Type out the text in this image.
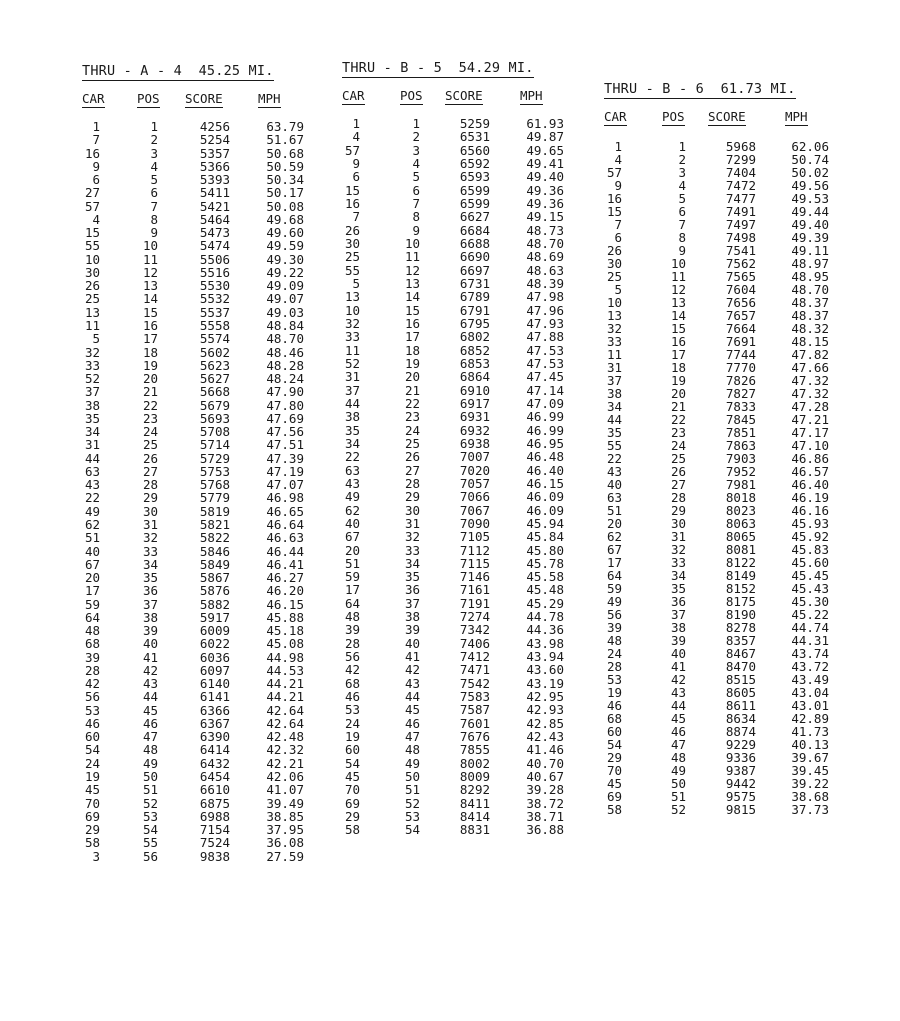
THRU - A - 4  45.25 MI.
CAR	POS SCORE	MPH
1	1	4256	63.79
7	2	5254	51.67
16	3	5357	50.68
9	4	5366	50.59
6	5	5393	50.34
27	6	5411	50.17
57	7	5421	50.08
4	8	5464	49.68
15	9	5473	49.60
55	10	5474	49.59
10	11	5506	49.30
30	12	5516	49.22
26	13	5530	49.09
25	14	5532	49.07
13	15	5537	49.03
11	16	5558	48.84
5	17	5574	48.70
32	18	5602	48.46
33	19	5623	48.28
52	20	5627	48.24
37	21	5668	47.90
38	22	5679	47.80
35	23	5693	47.69
34	24	5708	47.56
31	25	5714	47.51
44	26	5729	47.39
63	27	5753	47.19
43	28	5768	47.07
22	29	5779	46.98
49	30	5819	46.65
62	31	5821	46.64
51	32	5822	46.63
40	33	5846	46.44
67	34	5849	46.41
20	35	5867	46.27
17	36	5876	46.20
59	37	5882	46.15
64	38	5917	45.88
48	39	6009	45.18
68	40	6022	45.08
39	41	6036	44.98
28	42	6097	44.53
42	43	6140	44.21
56	44	6141	44.21
53	45	6366	42.64
46	46	6367	42.64
60	47	6390	42.48
54	48	6414	42.32
24	49	6432	42.21
19	50	6454	42.06
45	51	6610	41.07
70	52	6875	39.49
69	53	6988	38.85
29	54	7154	37.95
58	55	7524	36.08
3	56	9838	27.59
THRU - B - 5  54.29 MI.
CAR	POS SCORE	MPH
1	1	5259	61.93
4	2	6531	49.87
57	3	6560	49.65
9	4	6592	49.41
6	5	6593	49.40
15	6	6599	49.36
16	7	6599	49.36
7	8	6627	49.15
26	9	6684	48.73
30	10	6688	48.70
25	11	6690	48.69
55	12	6697	48.63
5	13	6731	48.39
13	14	6789	47.98
10	15	6791	47.96
32	16	6795	47.93
33	17	6802	47.88
11	18	6852	47.53
52	19	6853	47.53
31	20	6864	47.45
37	21	6910	47.14
44	22	6917	47.09
38	23	6931	46.99
35	24	6932	46.99
34	25	6938	46.95
22	26	7007	46.48
63	27	7020	46.40
43	28	7057	46.15
49	29	7066	46.09
62	30	7067	46.09
40	31	7090	45.94
67	32	7105	45.84
20	33	7112	45.80
51	34	7115	45.78
59	35	7146	45.58
17	36	7161	45.48
64	37	7191	45.29
48	38	7274	44.78
39	39	7342	44.36
28	40	7406	43.98
56	41	7412	43.94
42	42	7471	43.60
68	43	7542	43.19
46	44	7583	42.95
53	45	7587	42.93
24	46	7601	42.85
19	47	7676	42.43
60	48	7855	41.46
54	49	8002	40.70
45	50	8009	40.67
70	51	8292	39.28
69	52	8411	38.72
29	53	8414	38.71
58	54	8831	36.88
THRU - B - 6  61.73 MI.
CAR	POS SCORE	MPH
1	1	5968	62.06
4	2	7299	50.74
57	3	7404	50.02
9	4	7472	49.56
16	5	7477	49.53
15	6	7491	49.44
7	7	7497	49.40
6	8	7498	49.39
26	9	7541	49.11
30	10	7562	48.97
25	11	7565	48.95
5	12	7604	48.70
10	13	7656	48.37
13	14	7657	48.37
32	15	7664	48.32
33	16	7691	48.15
11	17	7744	47.82
31	18	7770	47.66
37	19	7826	47.32
38	20	7827	47.32
34	21	7833	47.28
44	22	7845	47.21
35	23	7851	47.17
55	24	7863	47.10
22	25	7903	46.86
43	26	7952	46.57
40	27	7981	46.40
63	28	8018	46.19
51	29	8023	46.16
20	30	8063	45.93
62	31	8065	45.92
67	32	8081	45.83
17	33	8122	45.60
64	34	8149	45.45
59	35	8152	45.43
49	36	8175	45.30
56	37	8190	45.22
39	38	8278	44.74
48	39	8357	44.31
24	40	8467	43.74
28	41	8470	43.72
53	42	8515	43.49
19	43	8605	43.04
46	44	8611	43.01
68	45	8634	42.89
60	46	8874	41.73
54	47	9229	40.13
29	48	9336	39.67
70	49	9387	39.45
45	50	9442	39.22
69	51	9575	38.68
58	52	9815	37.73
